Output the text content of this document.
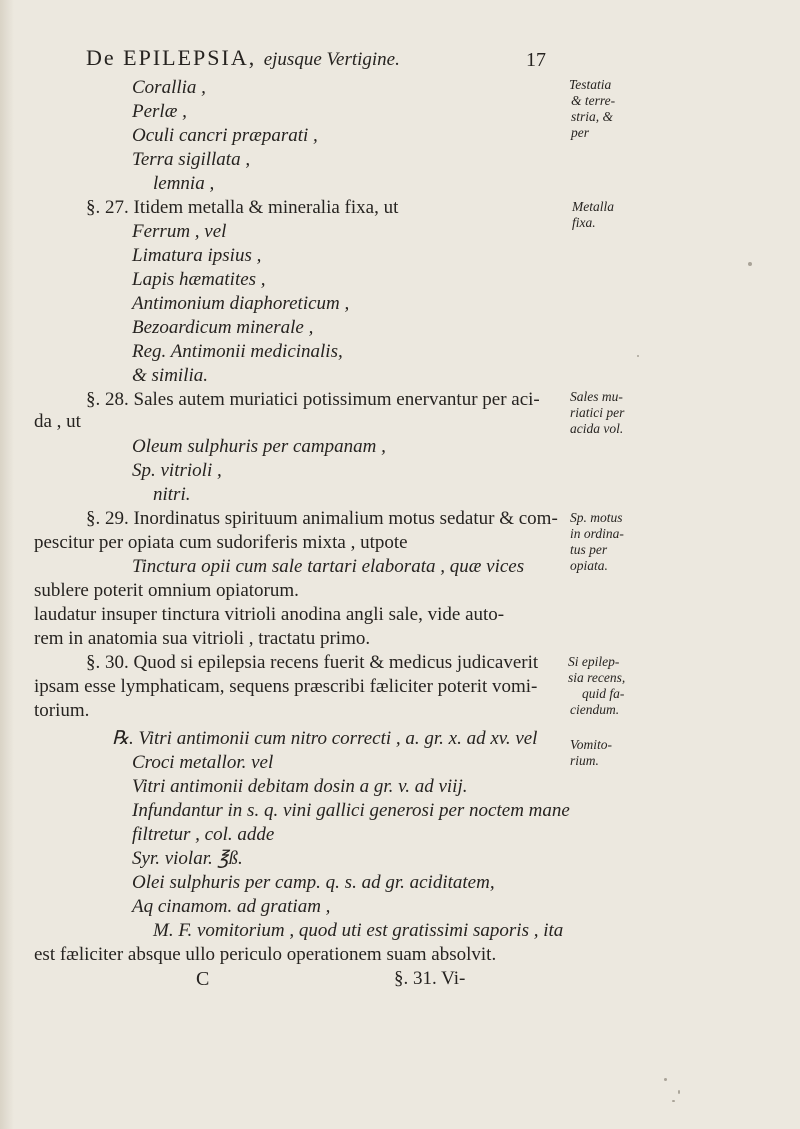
De EPILEPSIA, ejusque Vertigine.	17
Corallia ,
Perlæ ,
Oculi cancri præparati ,
Terra sigillata ,
lemnia ,
§. 27. Itidem metalla & mineralia fixa, ut
Ferrum , vel
Limatura ipsius ,
Lapis hæmatites ,
Antimonium diaphoreticum ,
Bezoardicum minerale ,
Reg. Antimonii medicinalis,
& similia.
§. 28. Sales autem muriatici potissimum enervantur per aci-
da , ut
Oleum sulphuris per campanam ,
Sp. vitrioli ,
nitri.
§. 29. Inordinatus spirituum animalium motus sedatur & com-
pescitur per opiata cum sudoriferis mixta , utpote
Tinctura opii cum sale tartari elaborata , quæ vices
sublere poterit omnium opiatorum.
laudatur insuper tinctura vitrioli anodina angli sale, vide auto-
rem in anatomia sua vitrioli , tractatu primo.
§. 30. Quod si epilepsia recens fuerit & medicus judicaverit
ipsam esse lymphaticam, sequens præscribi fæliciter poterit vomi-
torium.
℞. Vitri antimonii cum nitro correcti , a. gr. x. ad xv. vel
Croci metallor. vel
Vitri antimonii debitam dosin a gr. v. ad viij.
Infundantur in s. q. vini gallici generosi per noctem mane
filtretur , col. adde
Syr. violar. ℥ß.
Olei sulphuris per camp. q. s. ad gr. aciditatem,
Aq cinamom. ad gratiam ,
M. F. vomitorium , quod uti est gratissimi saporis , ita
est fæliciter absque ullo periculo operationem suam absolvit.
C	§. 31. Vi-
Testatia
& terre-
stria, &
per
Metalla
fixa.
Sales mu-
riatici per
acida vol.
Sp. motus
in ordina-
tus per
opiata.
Si epilep-
sia recens,
quid fa-
ciendum.
Vomito-
rium.
